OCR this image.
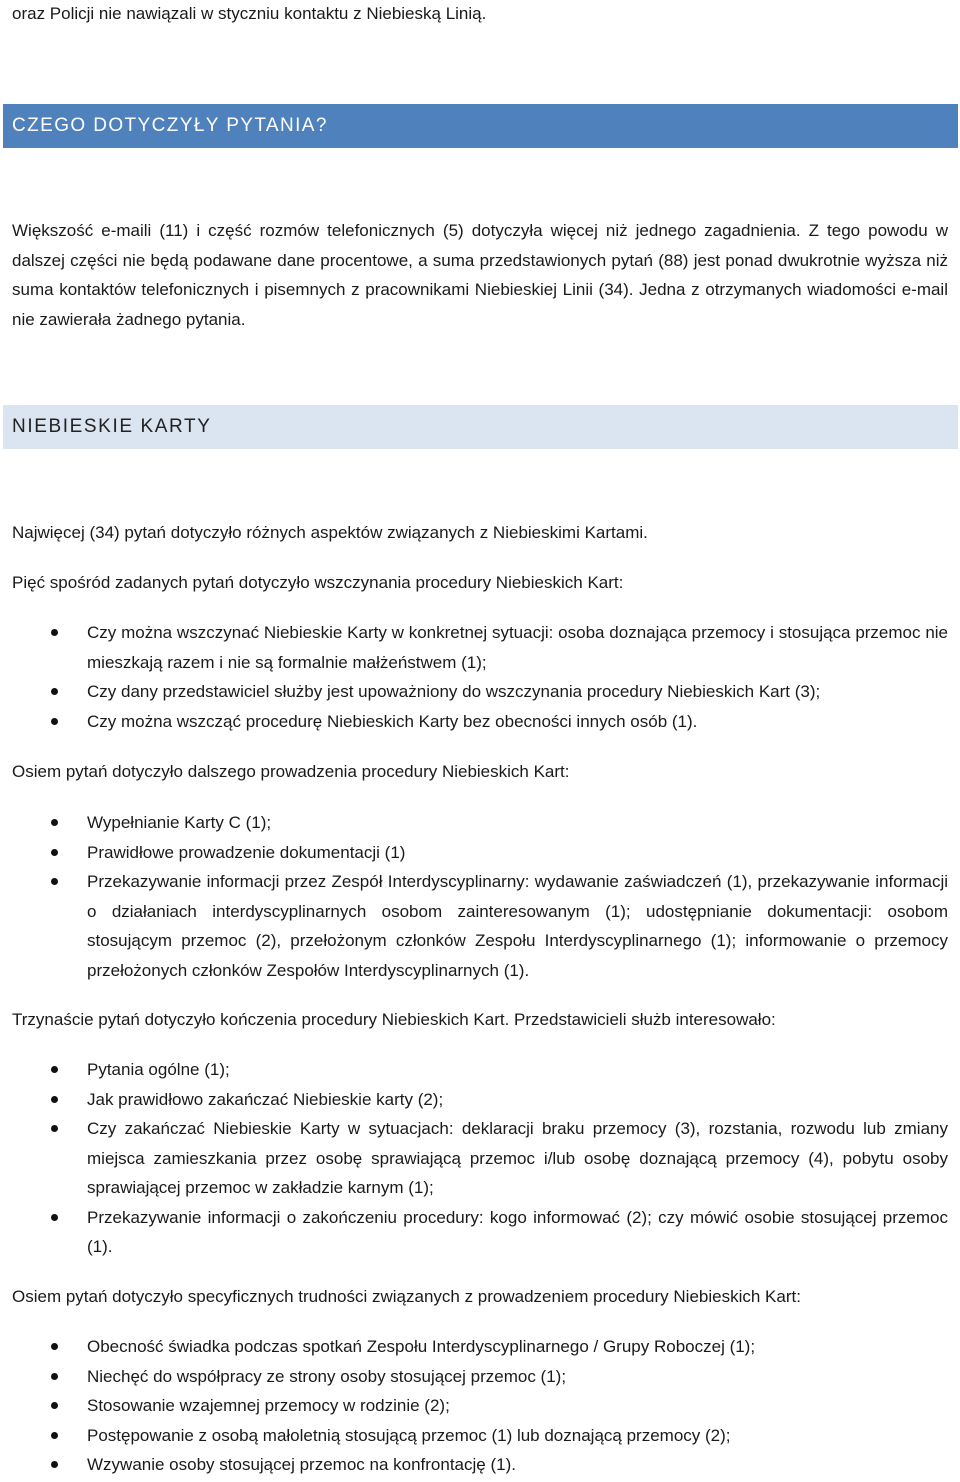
oraz Policji nie nawiązali w styczniu kontaktu z Niebieską Linią.

CZEGO DOTYCZYŁY PYTANIA?

Większość e-maili (11) i część rozmów telefonicznych (5) dotyczyła więcej niż jednego zagadnienia. Z tego powodu w dalszej części nie będą podawane dane procentowe, a suma przedstawionych pytań (88) jest ponad dwukrotnie wyższa niż suma kontaktów telefonicznych i pisemnych z pracownikami Niebieskiej Linii (34). Jedna z otrzymanych wiadomości e-mail nie zawierała żadnego pytania.

NIEBIESKIE KARTY

Najwięcej (34) pytań dotyczyło różnych aspektów związanych z Niebieskimi Kartami.

Pięć spośród zadanych pytań dotyczyło wszczynania procedury Niebieskich Kart:

Czy można wszczynać Niebieskie Karty w konkretnej sytuacji: osoba doznająca przemocy i stosująca przemoc nie mieszkają razem i nie są formalnie małżeństwem (1);
Czy dany przedstawiciel służby jest upoważniony do wszczynania procedury Niebieskich Kart (3);
Czy można wszcząć procedurę Niebieskich Karty bez obecności innych osób (1).

Osiem pytań dotyczyło dalszego prowadzenia procedury Niebieskich Kart:

Wypełnianie Karty C (1);
Prawidłowe prowadzenie dokumentacji (1)
Przekazywanie informacji przez Zespół Interdyscyplinarny: wydawanie zaświadczeń (1), przekazywanie informacji o działaniach interdyscyplinarnych osobom zainteresowanym (1); udostępnianie dokumentacji: osobom stosującym przemoc (2), przełożonym członków Zespołu Interdyscyplinarnego (1); informowanie o przemocy przełożonych członków Zespołów Interdyscyplinarnych (1).

Trzynaście pytań dotyczyło kończenia procedury Niebieskich Kart. Przedstawicieli służb interesowało:

Pytania ogólne (1);
Jak prawidłowo zakańczać Niebieskie karty (2);
Czy zakańczać Niebieskie Karty w sytuacjach: deklaracji braku przemocy (3), rozstania, rozwodu lub zmiany miejsca zamieszkania przez osobę sprawiającą przemoc i/lub osobę doznającą przemocy (4), pobytu osoby sprawiającej przemoc w zakładzie karnym (1);
Przekazywanie informacji o zakończeniu procedury: kogo informować (2); czy mówić osobie stosującej przemoc (1).

Osiem pytań dotyczyło specyficznych trudności związanych z prowadzeniem procedury Niebieskich Kart:

Obecność świadka podczas spotkań Zespołu Interdyscyplinarnego / Grupy Roboczej (1);
Niechęć do współpracy ze strony osoby stosującej przemoc (1);
Stosowanie wzajemnej przemocy w rodzinie (2);
Postępowanie z osobą małoletnią stosującą przemoc (1) lub doznającą przemocy (2);
Wzywanie osoby stosującej przemoc na konfrontację (1).
